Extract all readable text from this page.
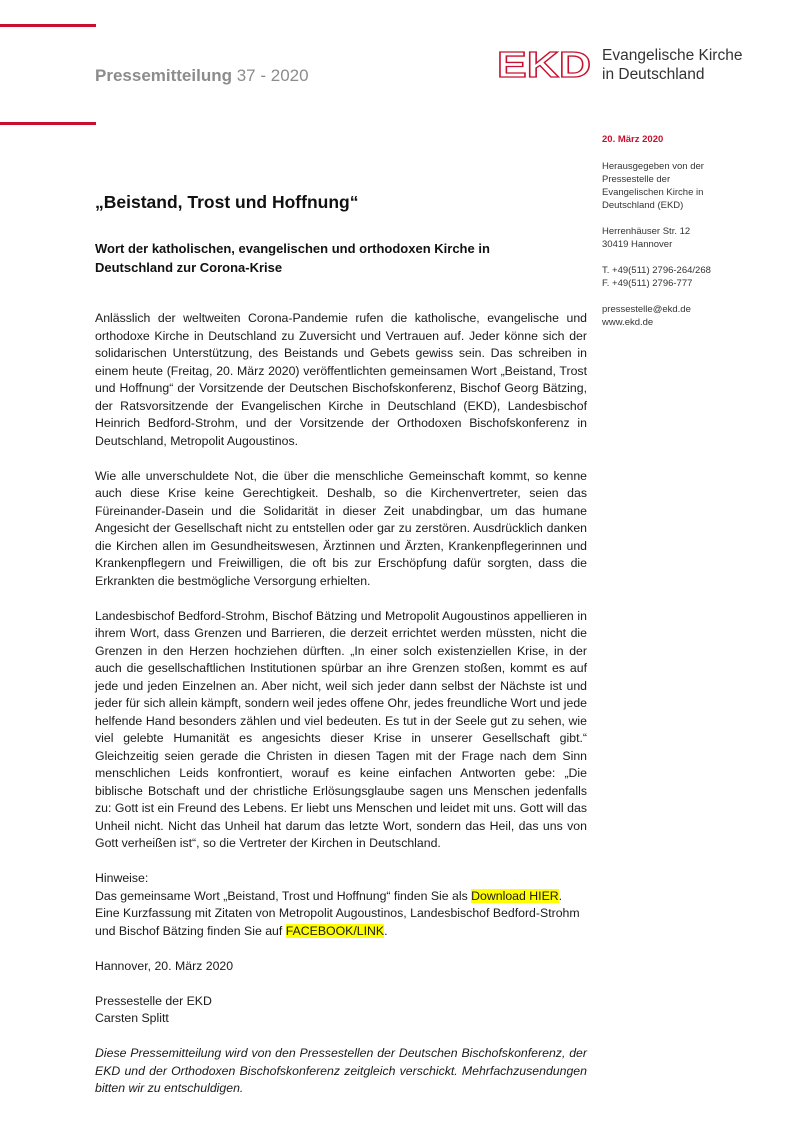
Pressemitteilung 37 - 2020	EKD Evangelische Kirche
in Deutschland
20. März 2020
Herausgegeben von der
Pressestelle der
Evangelischen Kirche in
Deutschland (EKD)
Herrenhäuser Str. 12
30419 Hannover
T. +49(511) 2796-264/268
F. +49(511) 2796-777
pressestelle@ekd.de
www.ekd.de
„Beistand, Trost und Hoffnung“
Wort der katholischen, evangelischen und orthodoxen Kirche in Deutschland zur Corona-Krise

Anlässlich der weltweiten Corona-Pandemie rufen die katholische, evangelische und orthodoxe Kirche in Deutschland zu Zuversicht und Vertrauen auf. Jeder könne sich der solidarischen Unterstützung, des Beistands und Gebets gewiss sein. Das schreiben in einem heute (Freitag, 20. März 2020) veröffentlichten gemeinsamen Wort „Beistand, Trost und Hoffnung“ der Vorsitzende der Deutschen Bischofskonferenz, Bischof Georg Bätzing, der Ratsvorsitzende der Evangelischen Kirche in Deutschland (EKD), Landesbischof Heinrich Bedford-Strohm, und der Vorsitzende der Orthodoxen Bischofskonferenz in Deutschland, Metropolit Augoustinos.

Wie alle unverschuldete Not, die über die menschliche Gemeinschaft kommt, so kenne auch diese Krise keine Gerechtigkeit. Deshalb, so die Kirchenvertreter, seien das Füreinander-Dasein und die Solidarität in dieser Zeit unabdingbar, um das humane Angesicht der Gesellschaft nicht zu entstellen oder gar zu zerstören. Ausdrücklich danken die Kirchen allen im Gesundheitswesen, Ärztinnen und Ärzten, Krankenpflegerinnen und Krankenpflegern und Freiwilligen, die oft bis zur Erschöpfung dafür sorgten, dass die Erkrankten die bestmögliche Versorgung erhielten.

Landesbischof Bedford-Strohm, Bischof Bätzing und Metropolit Augoustinos appellieren in ihrem Wort, dass Grenzen und Barrieren, die derzeit errichtet werden müssten, nicht die Grenzen in den Herzen hochziehen dürften. „In einer solch existenziellen Krise, in der auch die gesellschaftlichen Institutionen spürbar an ihre Grenzen stoßen, kommt es auf jede und jeden Einzelnen an. Aber nicht, weil sich jeder dann selbst der Nächste ist und jeder für sich allein kämpft, sondern weil jedes offene Ohr, jedes freundliche Wort und jede helfende Hand besonders zählen und viel bedeuten. Es tut in der Seele gut zu sehen, wie viel gelebte Humanität es angesichts dieser Krise in unserer Gesellschaft gibt.“ Gleichzeitig seien gerade die Christen in diesen Tagen mit der Frage nach dem Sinn menschlichen Leids konfrontiert, worauf es keine einfachen Antworten gebe: „Die biblische Botschaft und der christliche Erlösungsglaube sagen uns Menschen jedenfalls zu: Gott ist ein Freund des Lebens. Er liebt uns Menschen und leidet mit uns. Gott will das Unheil nicht. Nicht das Unheil hat darum das letzte Wort, sondern das Heil, das uns von Gott verheißen ist“, so die Vertreter der Kirchen in Deutschland.

Hinweise:
Das gemeinsame Wort „Beistand, Trost und Hoffnung“ finden Sie als Download HIER. Eine Kurzfassung mit Zitaten von Metropolit Augoustinos, Landesbischof Bedford-Strohm und Bischof Bätzing finden Sie auf FACEBOOK/LINK.

Hannover, 20. März 2020

Pressestelle der EKD
Carsten Splitt

Diese Pressemitteilung wird von den Pressestellen der Deutschen Bischofskonferenz, der EKD und der Orthodoxen Bischofskonferenz zeitgleich verschickt. Mehrfachzusendungen bitten wir zu entschuldigen.
